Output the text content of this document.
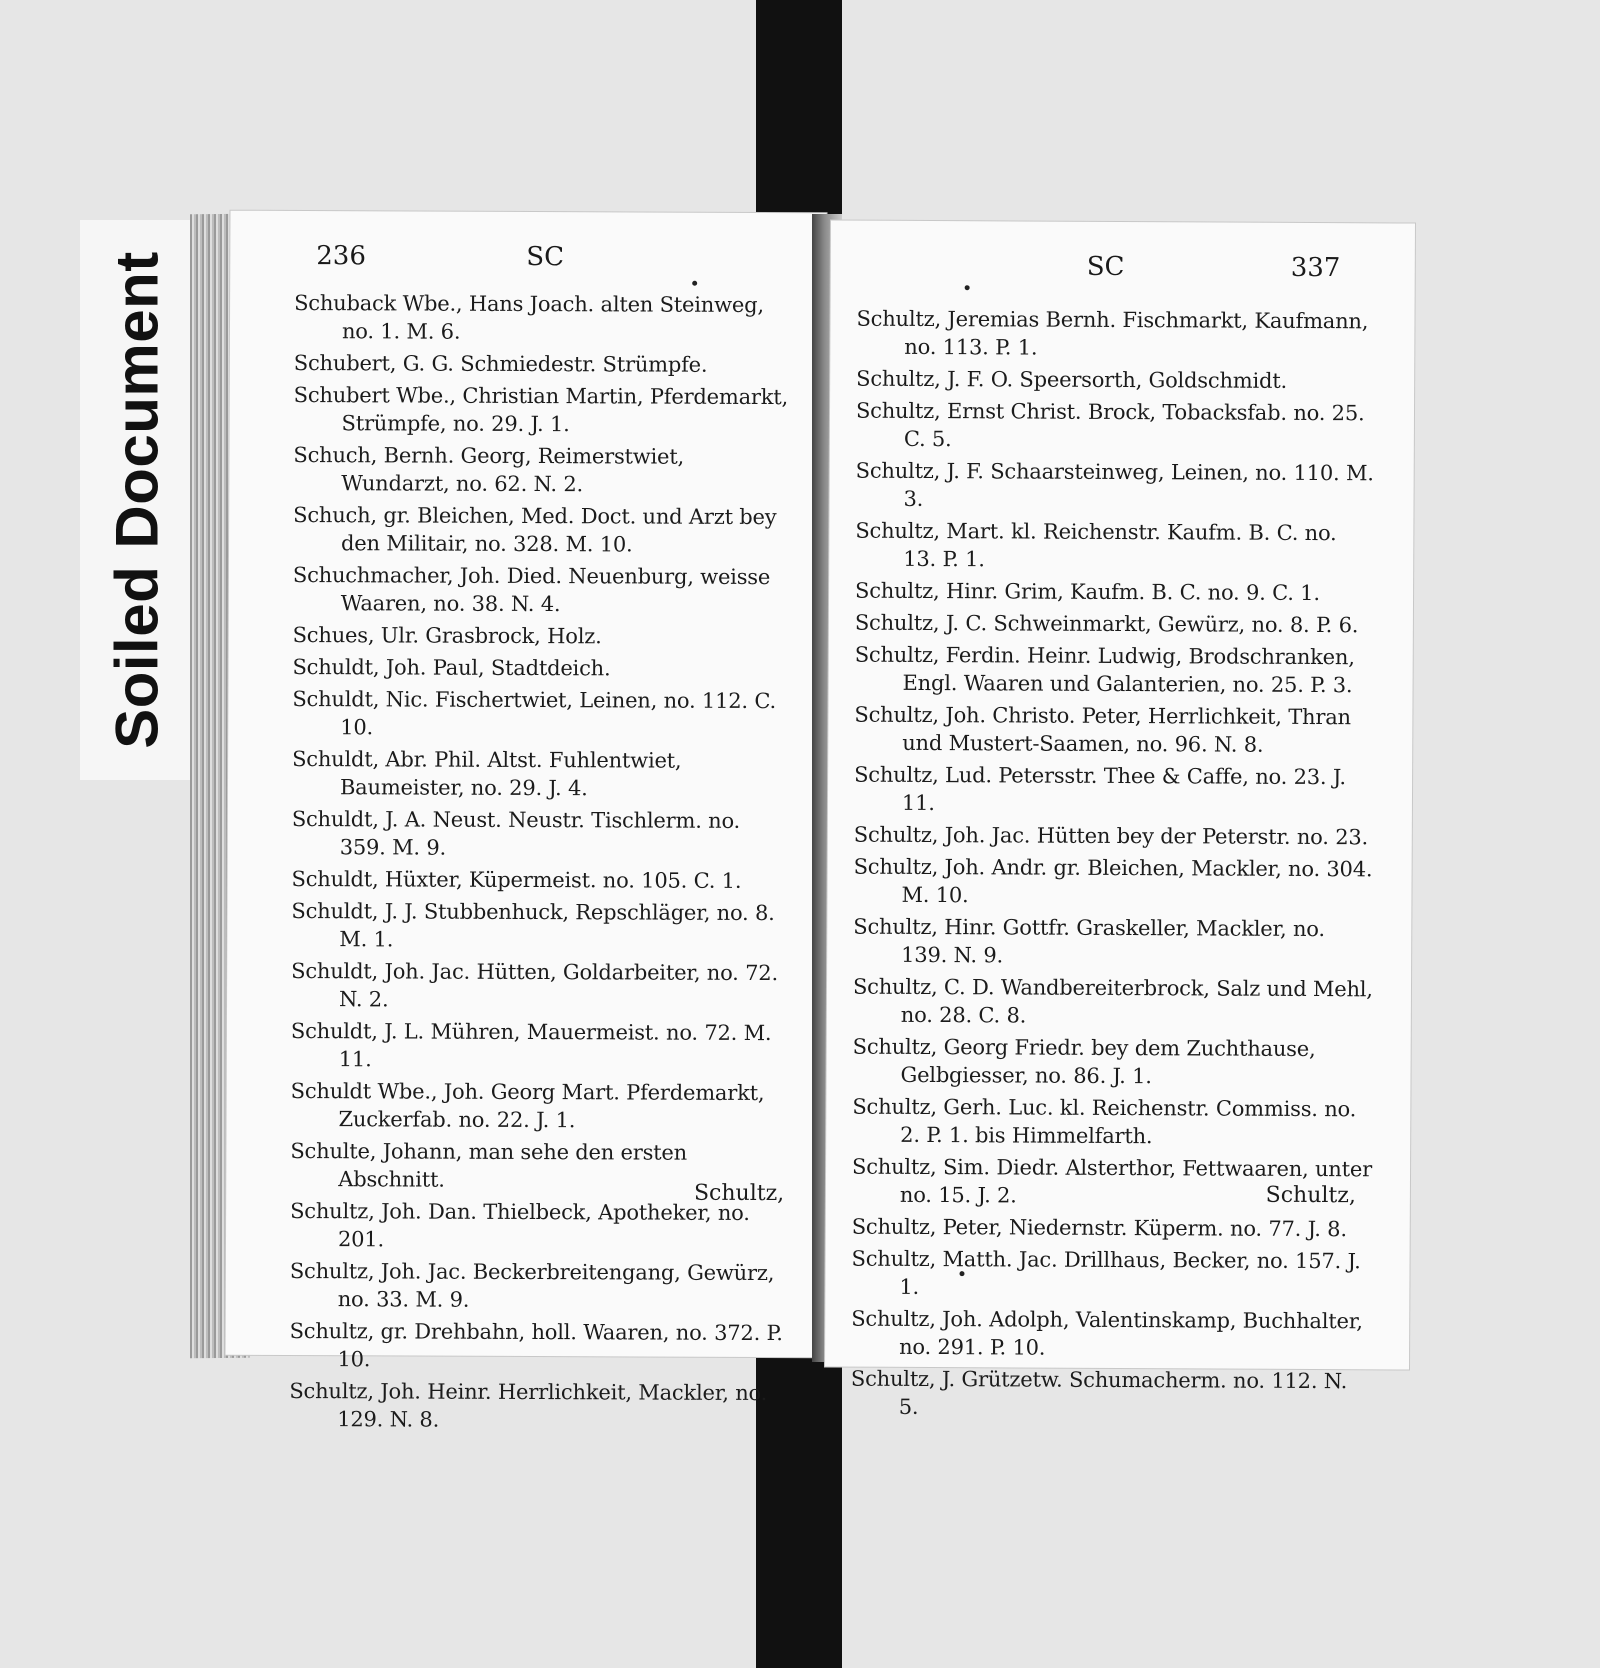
Soiled Document	236	SC
Schuback Wbe., Hans Joach. alten Steinweg, no. 1. M. 6.
Schubert, G. G. Schmiedestr. Strümpfe.
Schubert Wbe., Christian Martin, Pferdemarkt, Strümpfe, no. 29. J. 1.
Schuch, Bernh. Georg, Reimerstwiet, Wundarzt, no. 62. N. 2.
Schuch, gr. Bleichen, Med. Doct. und Arzt bey den Militair, no. 328. M. 10.
Schuchmacher, Joh. Died. Neuenburg, weisse Waaren, no. 38. N. 4.
Schues, Ulr. Grasbrock, Holz.
Schuldt, Joh. Paul, Stadtdeich.
Schuldt, Nic. Fischertwiet, Leinen, no. 112. C. 10.
Schuldt, Abr. Phil. Altst. Fuhlentwiet, Baumeister, no. 29. J. 4.
Schuldt, J. A. Neust. Neustr. Tischlerm. no. 359. M. 9.
Schuldt, Hüxter, Küpermeist. no. 105. C. 1.
Schuldt, J. J. Stubbenhuck, Repschläger, no. 8. M. 1.
Schuldt, Joh. Jac. Hütten, Goldarbeiter, no. 72. N. 2.
Schuldt, J. L. Mühren, Mauermeist. no. 72. M. 11.
Schuldt Wbe., Joh. Georg Mart. Pferdemarkt, Zuckerfab. no. 22. J. 1.
Schulte, Johann, man sehe den ersten Abschnitt.
Schultz, Joh. Dan. Thielbeck, Apotheker, no. 201.
Schultz, Joh. Jac. Beckerbreitengang, Gewürz, no. 33. M. 9.
Schultz, gr. Drehbahn, holl. Waaren, no. 372. P. 10.
Schultz, Joh. Heinr. Herrlichkeit, Mackler, no. 129. N. 8.
Schultz,
SC	337
Schultz, Jeremias Bernh. Fischmarkt, Kaufmann, no. 113. P. 1.
Schultz, J. F. O. Speersorth, Goldschmidt.
Schultz, Ernst Christ. Brock, Tobacksfab. no. 25. C. 5.
Schultz, J. F. Schaarsteinweg, Leinen, no. 110. M. 3.
Schultz, Mart. kl. Reichenstr. Kaufm. B. C. no. 13. P. 1.
Schultz, Hinr. Grim, Kaufm. B. C. no. 9. C. 1.
Schultz, J. C. Schweinmarkt, Gewürz, no. 8. P. 6.
Schultz, Ferdin. Heinr. Ludwig, Brodschranken, Engl. Waaren und Galanterien, no. 25. P. 3.
Schultz, Joh. Christo. Peter, Herrlichkeit, Thran und Mustert-Saamen, no. 96. N. 8.
Schultz, Lud. Petersstr. Thee & Caffe, no. 23. J. 11.
Schultz, Joh. Jac. Hütten bey der Peterstr. no. 23.
Schultz, Joh. Andr. gr. Bleichen, Mackler, no. 304. M. 10.
Schultz, Hinr. Gottfr. Graskeller, Mackler, no. 139. N. 9.
Schultz, C. D. Wandbereiterbrock, Salz und Mehl, no. 28. C. 8.
Schultz, Georg Friedr. bey dem Zuchthause, Gelbgiesser, no. 86. J. 1.
Schultz, Gerh. Luc. kl. Reichenstr. Commiss. no. 2. P. 1. bis Himmelfarth.
Schultz, Sim. Diedr. Alsterthor, Fettwaaren, unter no. 15. J. 2.
Schultz, Peter, Niedernstr. Küperm. no. 77. J. 8.
Schultz, Matth. Jac. Drillhaus, Becker, no. 157. J. 1.
Schultz, Joh. Adolph, Valentinskamp, Buchhalter, no. 291. P. 10.
Schultz, J. Grützetw. Schumacherm. no. 112. N. 5.
Schultz,
